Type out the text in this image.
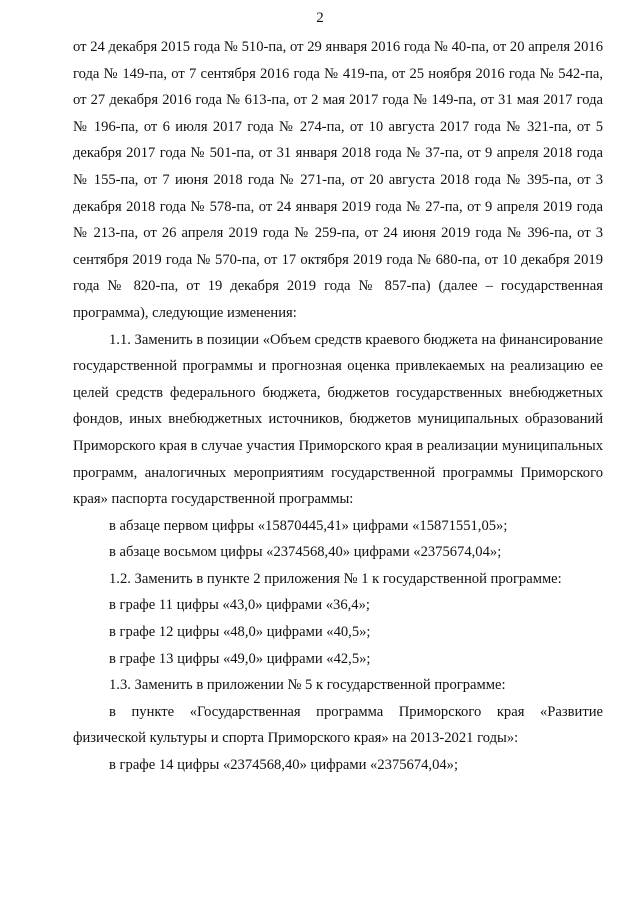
2

от 24 декабря 2015 года № 510-па, от 29 января 2016 года № 40-па, от 20 апреля 2016 года № 149-па, от 7 сентября 2016 года № 419-па, от 25 ноября 2016 года № 542-па, от 27 декабря 2016 года № 613-па, от 2 мая 2017 года № 149-па, от 31 мая 2017 года № 196-па, от 6 июля 2017 года № 274-па, от 10 августа 2017 года № 321-па, от 5 декабря 2017 года № 501-па, от 31 января 2018 года № 37-па, от 9 апреля 2018 года № 155-па, от 7 июня 2018 года № 271-па, от 20 августа 2018 года № 395-па, от 3 декабря 2018 года № 578-па, от 24 января 2019 года № 27-па, от 9 апреля 2019 года № 213-па, от 26 апреля 2019 года № 259-па, от 24 июня 2019 года № 396-па, от 3 сентября 2019 года № 570-па, от 17 октября 2019 года № 680-па, от 10 декабря 2019 года № 820-па, от 19 декабря 2019 года № 857-па) (далее – государственная программа), следующие изменения:

1.1. Заменить в позиции «Объем средств краевого бюджета на финансирование государственной программы и прогнозная оценка привлекаемых на реализацию ее целей средств федерального бюджета, бюджетов государственных внебюджетных фондов, иных внебюджетных источников, бюджетов муниципальных образований Приморского края в случае участия Приморского края в реализации муниципальных программ, аналогичных мероприятиям государственной программы Приморского края» паспорта государственной программы:

в абзаце первом цифры «15870445,41» цифрами «15871551,05»;

в абзаце восьмом цифры «2374568,40» цифрами «2375674,04»;

1.2. Заменить в пункте 2 приложения № 1 к государственной программе:

в графе 11 цифры «43,0» цифрами «36,4»;

в графе 12 цифры «48,0» цифрами «40,5»;

в графе 13 цифры «49,0» цифрами «42,5»;

1.3. Заменить в приложении № 5 к государственной программе:

в пункте «Государственная программа Приморского края «Развитие физической культуры и спорта Приморского края» на 2013-2021 годы»:

в графе 14 цифры «2374568,40» цифрами «2375674,04»;
